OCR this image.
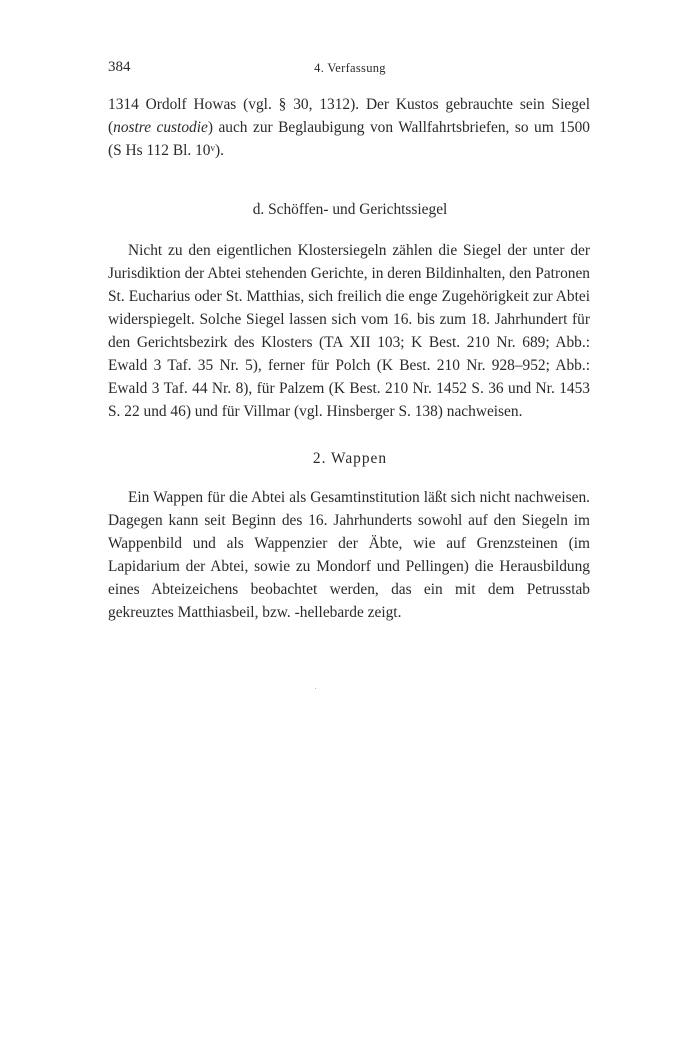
384	4. Verfassung

1314 Ordolf Howas (vgl. § 30, 1312). Der Kustos gebrauchte sein Siegel (nostre custodie) auch zur Beglaubigung von Wallfahrtsbriefen, so um 1500 (S Hs 112 Bl. 10ᵛ).

d. Schöffen- und Gerichtssiegel

Nicht zu den eigentlichen Klostersiegeln zählen die Siegel der unter der Jurisdiktion der Abtei stehenden Gerichte, in deren Bildinhalten, den Patronen St. Eucharius oder St. Matthias, sich freilich die enge Zugehörigkeit zur Abtei widerspiegelt. Solche Siegel lassen sich vom 16. bis zum 18. Jahrhundert für den Gerichtsbezirk des Klosters (TA XII 103; K Best. 210 Nr. 689; Abb.: Ewald 3 Taf. 35 Nr. 5), ferner für Polch (K Best. 210 Nr. 928–952; Abb.: Ewald 3 Taf. 44 Nr. 8), für Palzem (K Best. 210 Nr. 1452 S. 36 und Nr. 1453 S. 22 und 46) und für Villmar (vgl. Hinsberger S. 138) nachweisen.

2. Wappen

Ein Wappen für die Abtei als Gesamtinstitution läßt sich nicht nachweisen. Dagegen kann seit Beginn des 16. Jahrhunderts sowohl auf den Siegeln im Wappenbild und als Wappenzier der Äbte, wie auf Grenzsteinen (im Lapidarium der Abtei, sowie zu Mondorf und Pellingen) die Herausbildung eines Abteizeichens beobachtet werden, das ein mit dem Petrusstab gekreuztes Matthiasbeil, bzw. -hellebarde zeigt.
